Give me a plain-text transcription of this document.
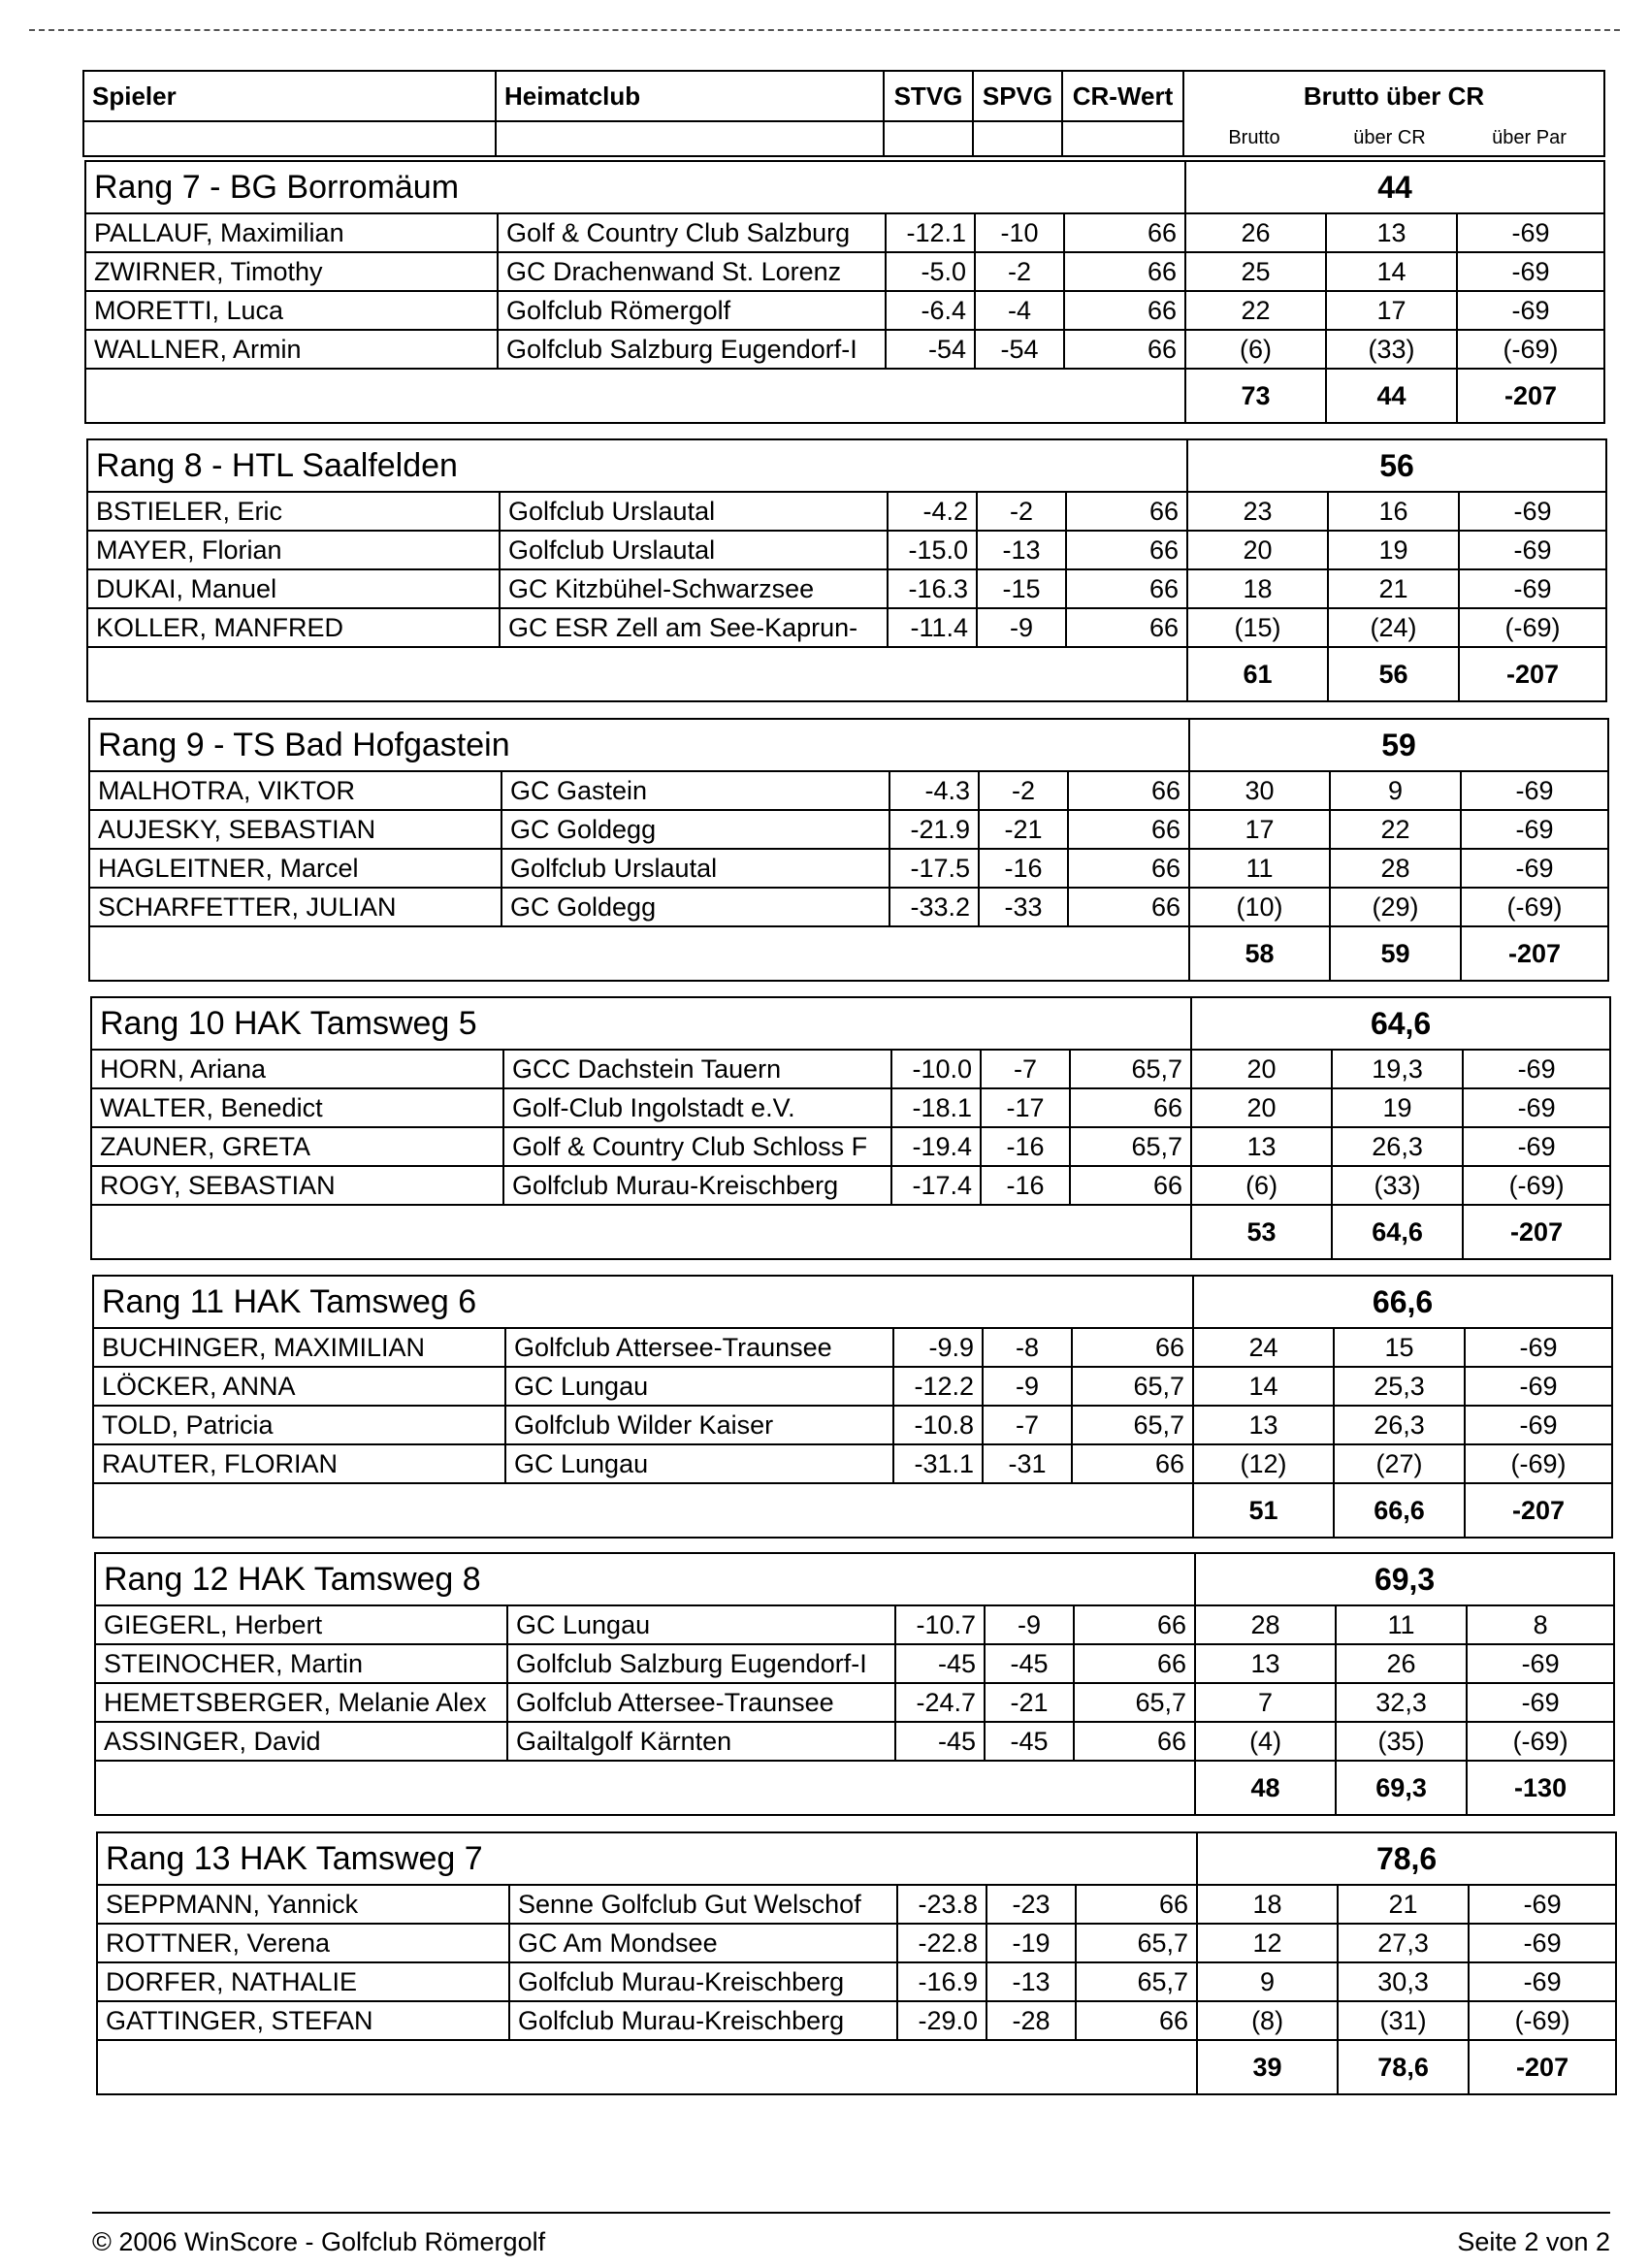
Spieler	Heimatclub	STVG	SPVG	CR-Wert	Brutto über CR		
					Brutto	über CR	über Par
Rang 7 - BG Borromäum					44		
PALLAUF, Maximilian	Golf & Country Club Salzburg	-12.1	-10	66	26	13	-69
ZWIRNER, Timothy	GC Drachenwand St. Lorenz	-5.0	-2	66	25	14	-69
MORETTI, Luca	Golfclub Römergolf	-6.4	-4	66	22	17	-69
WALLNER, Armin	Golfclub Salzburg Eugendorf-I	-54	-54	66	(6)	(33)	(-69)
					73	44	-207
Rang 8 - HTL Saalfelden					56		
BSTIELER, Eric	Golfclub Urslautal	-4.2	-2	66	23	16	-69
MAYER, Florian	Golfclub Urslautal	-15.0	-13	66	20	19	-69
DUKAI, Manuel	GC Kitzbühel-Schwarzsee	-16.3	-15	66	18	21	-69
KOLLER, MANFRED	GC ESR Zell am See-Kaprun-	-11.4	-9	66	(15)	(24)	(-69)
					61	56	-207
Rang 9 - TS Bad Hofgastein					59		
MALHOTRA, VIKTOR	GC Gastein	-4.3	-2	66	30	9	-69
AUJESKY, SEBASTIAN	GC Goldegg	-21.9	-21	66	17	22	-69
HAGLEITNER, Marcel	Golfclub Urslautal	-17.5	-16	66	11	28	-69
SCHARFETTER, JULIAN	GC Goldegg	-33.2	-33	66	(10)	(29)	(-69)
					58	59	-207
Rang 10 HAK Tamsweg 5					64,6		
HORN, Ariana	GCC Dachstein Tauern	-10.0	-7	65,7	20	19,3	-69
WALTER, Benedict	Golf-Club Ingolstadt e.V.	-18.1	-17	66	20	19	-69
ZAUNER, GRETA	Golf & Country Club Schloss F	-19.4	-16	65,7	13	26,3	-69
ROGY, SEBASTIAN	Golfclub Murau-Kreischberg	-17.4	-16	66	(6)	(33)	(-69)
					53	64,6	-207
Rang 11 HAK Tamsweg 6					66,6		
BUCHINGER, MAXIMILIAN	Golfclub Attersee-Traunsee	-9.9	-8	66	24	15	-69
LÖCKER, ANNA	GC Lungau	-12.2	-9	65,7	14	25,3	-69
TOLD, Patricia	Golfclub Wilder Kaiser	-10.8	-7	65,7	13	26,3	-69
RAUTER, FLORIAN	GC Lungau	-31.1	-31	66	(12)	(27)	(-69)
					51	66,6	-207
Rang 12 HAK Tamsweg 8					69,3		
GIEGERL, Herbert	GC Lungau	-10.7	-9	66	28	11	8
STEINOCHER, Martin	Golfclub Salzburg Eugendorf-I	-45	-45	66	13	26	-69
HEMETSBERGER, Melanie Alex	Golfclub Attersee-Traunsee	-24.7	-21	65,7	7	32,3	-69
ASSINGER, David	Gailtalgolf Kärnten	-45	-45	66	(4)	(35)	(-69)
					48	69,3	-130
Rang 13 HAK Tamsweg 7					78,6		
SEPPMANN, Yannick	Senne Golfclub Gut Welschof	-23.8	-23	66	18	21	-69
ROTTNER, Verena	GC Am Mondsee	-22.8	-19	65,7	12	27,3	-69
DORFER, NATHALIE	Golfclub Murau-Kreischberg	-16.9	-13	65,7	9	30,3	-69
GATTINGER, STEFAN	Golfclub Murau-Kreischberg	-29.0	-28	66	(8)	(31)	(-69)
					39	78,6	-207
© 2006 WinScore - Golfclub Römergolf	Seite 2 von 2
